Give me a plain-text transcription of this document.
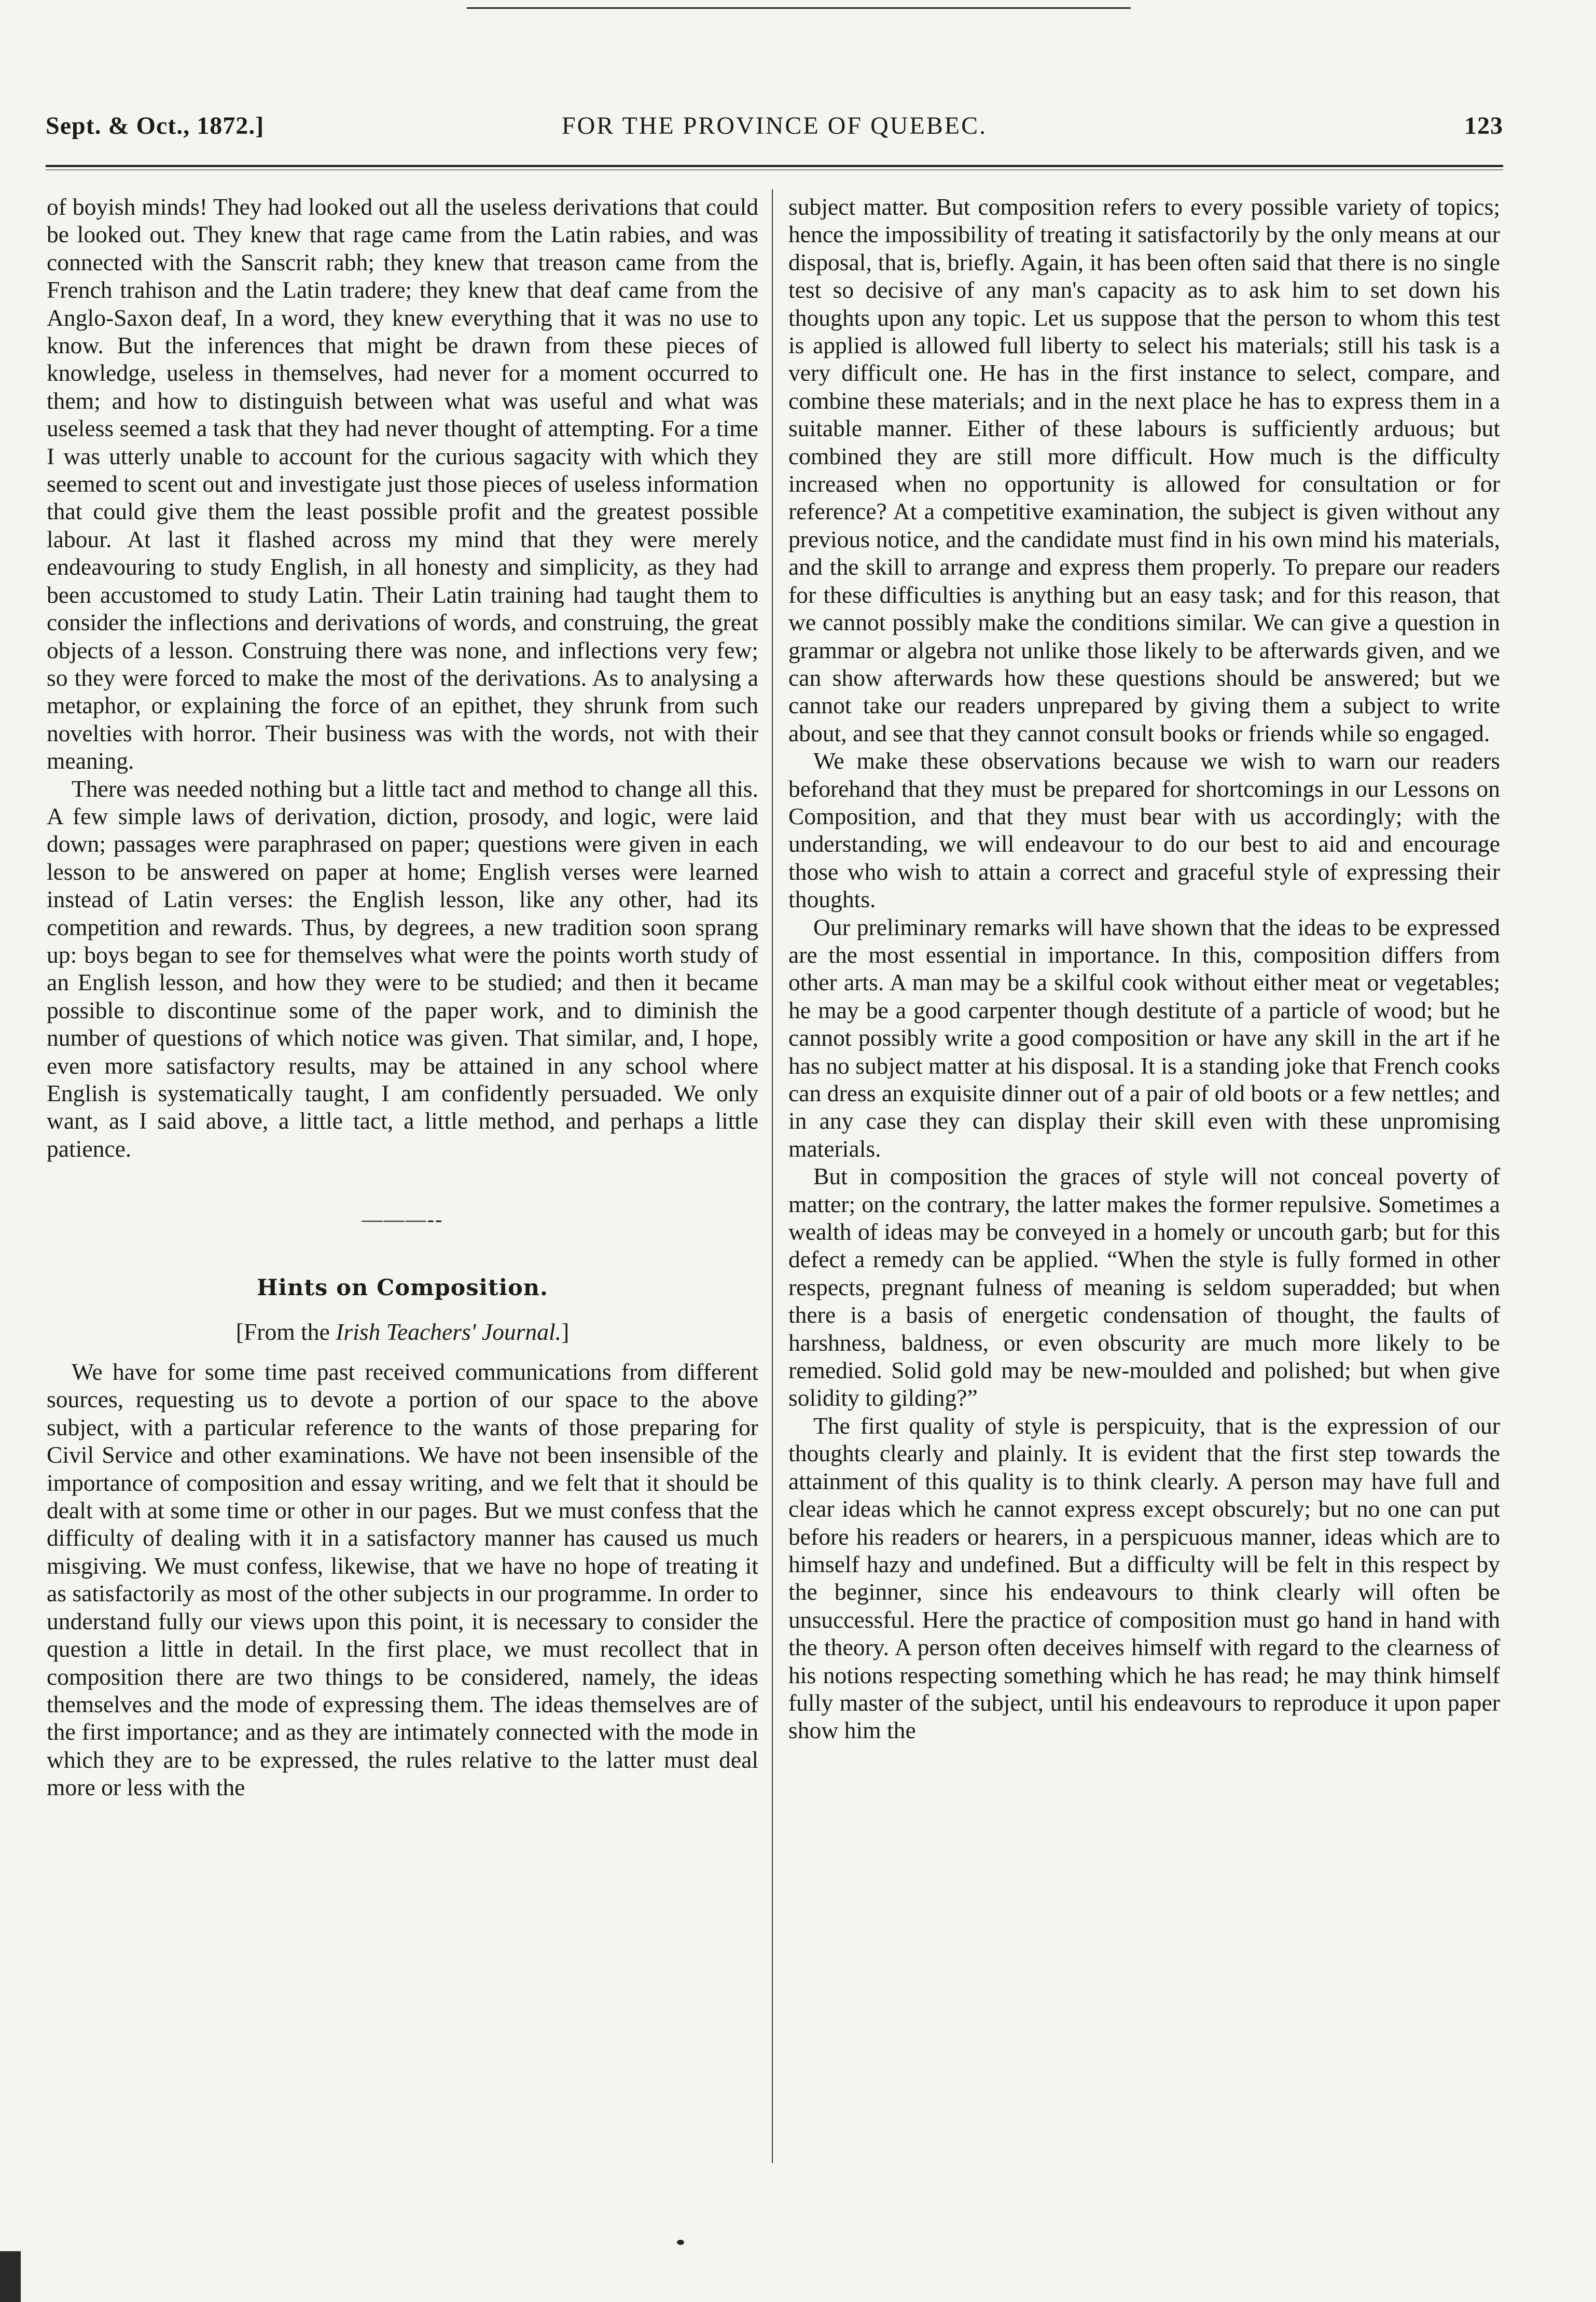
Sept. & Oct., 1872.]	FOR THE PROVINCE OF QUEBEC.	123

of boyish minds! They had looked out all the useless derivations that could be looked out. They knew that rage came from the Latin rabies, and was connected with the Sanscrit rabh; they knew that treason came from the French trahison and the Latin tradere; they knew that deaf came from the Anglo-Saxon deaf, In a word, they knew everything that it was no use to know. But the inferences that might be drawn from these pieces of knowledge, useless in themselves, had never for a moment occurred to them; and how to distinguish between what was useful and what was useless seemed a task that they had never thought of attempting. For a time I was utterly unable to account for the curious sagacity with which they seemed to scent out and investigate just those pieces of useless information that could give them the least possible profit and the greatest possible labour. At last it flashed across my mind that they were merely endeavouring to study English, in all honesty and simplicity, as they had been accustomed to study Latin. Their Latin training had taught them to consider the inflections and derivations of words, and construing, the great objects of a lesson. Construing there was none, and inflections very few; so they were forced to make the most of the derivations. As to analysing a metaphor, or explaining the force of an epithet, they shrunk from such novelties with horror. Their business was with the words, not with their meaning.

There was needed nothing but a little tact and method to change all this. A few simple laws of derivation, diction, prosody, and logic, were laid down; passages were paraphrased on paper; questions were given in each lesson to be answered on paper at home; English verses were learned instead of Latin verses: the English lesson, like any other, had its competition and rewards. Thus, by degrees, a new tradition soon sprang up: boys began to see for themselves what were the points worth study of an English lesson, and how they were to be studied; and then it became possible to discontinue some of the paper work, and to diminish the number of questions of which notice was given. That similar, and, I hope, even more satisfactory results, may be attained in any school where English is systematically taught, I am confidently persuaded. We only want, as I said above, a little tact, a little method, and perhaps a little patience.

———--
Hints on Composition.
[From the Irish Teachers' Journal.]

We have for some time past received communications from different sources, requesting us to devote a portion of our space to the above subject, with a particular reference to the wants of those preparing for Civil Service and other examinations. We have not been insensible of the importance of composition and essay writing, and we felt that it should be dealt with at some time or other in our pages. But we must confess that the difficulty of dealing with it in a satisfactory manner has caused us much misgiving. We must confess, likewise, that we have no hope of treating it as satisfactorily as most of the other subjects in our programme. In order to understand fully our views upon this point, it is necessary to consider the question a little in detail. In the first place, we must recollect that in composition there are two things to be considered, namely, the ideas themselves and the mode of expressing them. The ideas themselves are of the first importance; and as they are intimately connected with the mode in which they are to be expressed, the rules relative to the latter must deal more or less with the

subject matter. But composition refers to every possible variety of topics; hence the impossibility of treating it satisfactorily by the only means at our disposal, that is, briefly. Again, it has been often said that there is no single test so decisive of any man's capacity as to ask him to set down his thoughts upon any topic. Let us suppose that the person to whom this test is applied is allowed full liberty to select his materials; still his task is a very difficult one. He has in the first instance to select, compare, and combine these materials; and in the next place he has to express them in a suitable manner. Either of these labours is sufficiently arduous; but combined they are still more difficult. How much is the difficulty increased when no opportunity is allowed for consultation or for reference? At a competitive examination, the subject is given without any previous notice, and the candidate must find in his own mind his materials, and the skill to arrange and express them properly. To prepare our readers for these difficulties is anything but an easy task; and for this reason, that we cannot possibly make the conditions similar. We can give a question in grammar or algebra not unlike those likely to be afterwards given, and we can show afterwards how these questions should be answered; but we cannot take our readers unprepared by giving them a subject to write about, and see that they cannot consult books or friends while so engaged.

We make these observations because we wish to warn our readers beforehand that they must be prepared for shortcomings in our Lessons on Composition, and that they must bear with us accordingly; with the understanding, we will endeavour to do our best to aid and encourage those who wish to attain a correct and graceful style of expressing their thoughts.

Our preliminary remarks will have shown that the ideas to be expressed are the most essential in importance. In this, composition differs from other arts. A man may be a skilful cook without either meat or vegetables; he may be a good carpenter though destitute of a particle of wood; but he cannot possibly write a good composition or have any skill in the art if he has no subject matter at his disposal. It is a standing joke that French cooks can dress an exquisite dinner out of a pair of old boots or a few nettles; and in any case they can display their skill even with these unpromising materials.

But in composition the graces of style will not conceal poverty of matter; on the contrary, the latter makes the former repulsive. Sometimes a wealth of ideas may be conveyed in a homely or uncouth garb; but for this defect a remedy can be applied. “When the style is fully formed in other respects, pregnant fulness of meaning is seldom superadded; but when there is a basis of energetic condensation of thought, the faults of harshness, baldness, or even obscurity are much more likely to be remedied. Solid gold may be new-moulded and polished; but when give solidity to gilding?”

The first quality of style is perspicuity, that is the expression of our thoughts clearly and plainly. It is evident that the first step towards the attainment of this quality is to think clearly. A person may have full and clear ideas which he cannot express except obscurely; but no one can put before his readers or hearers, in a perspicuous manner, ideas which are to himself hazy and undefined. But a difficulty will be felt in this respect by the beginner, since his endeavours to think clearly will often be unsuccessful. Here the practice of composition must go hand in hand with the theory. A person often deceives himself with regard to the clearness of his notions respecting something which he has read; he may think himself fully master of the subject, until his endeavours to reproduce it upon paper show him the
